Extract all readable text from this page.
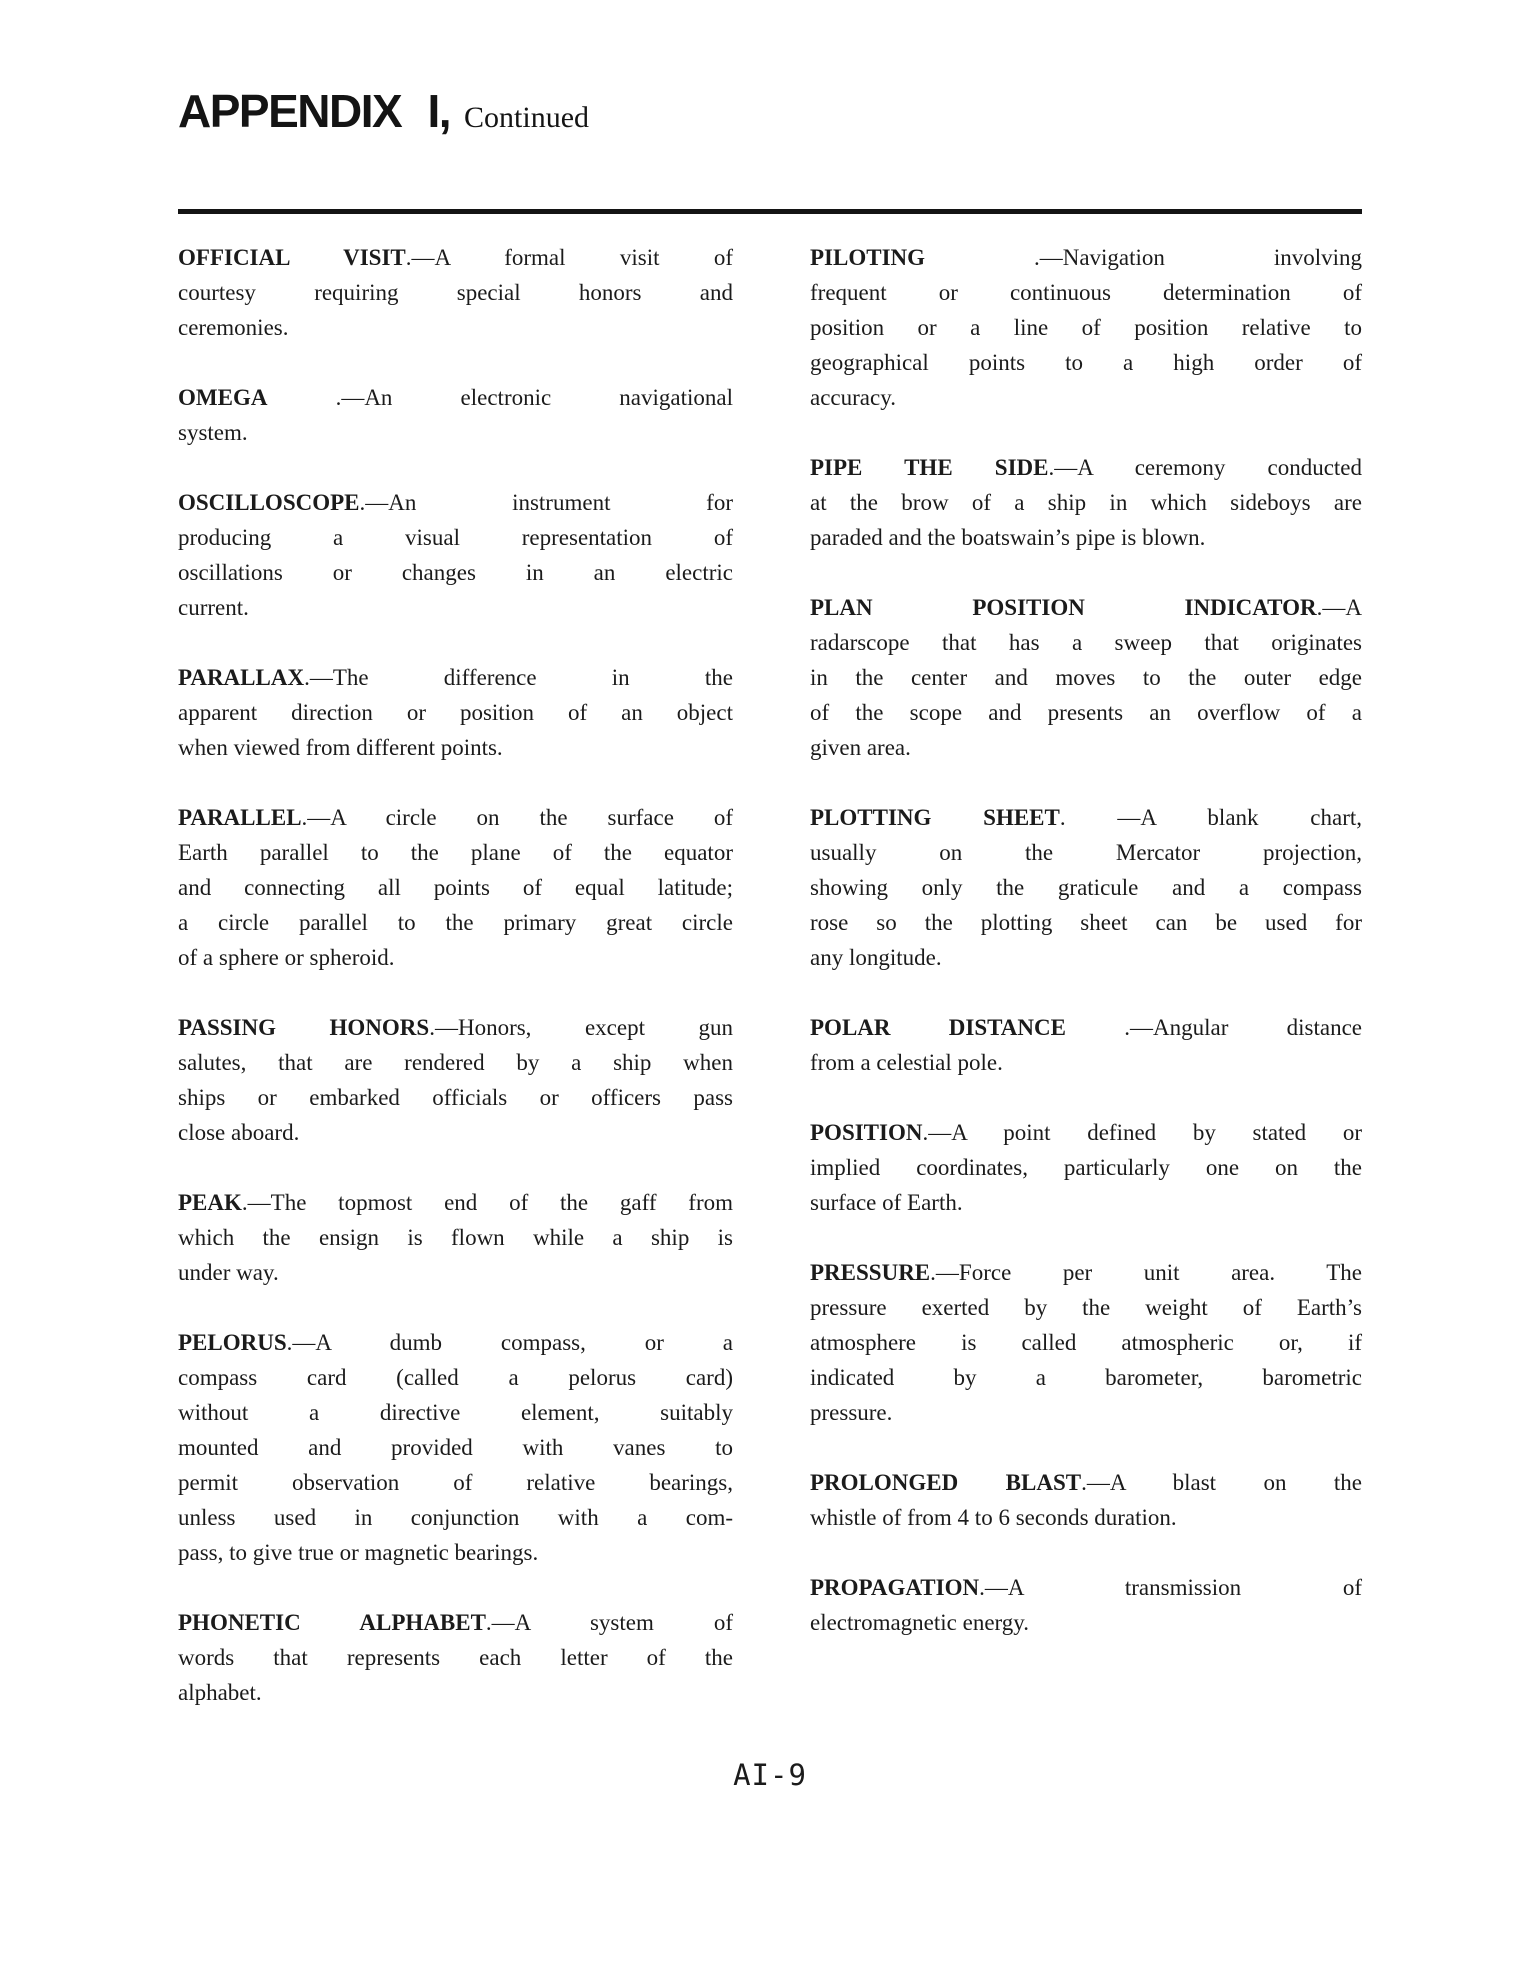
APPENDIX I, Continued
OFFICIAL VISIT.—A formal visit of
courtesy requiring special honors and
ceremonies.
OMEGA .—An electronic navigational
system.
OSCILLOSCOPE.—An instrument for
producing a visual representation of
oscillations or changes in an electric
current.
PARALLAX.—The difference in the
apparent direction or position of an object
when viewed from different points.
PARALLEL.—A circle on the surface of
Earth parallel to the plane of the equator
and connecting all points of equal latitude;
a circle parallel to the primary great circle
of a sphere or spheroid.
PASSING HONORS.—Honors, except gun
salutes, that are rendered by a ship when
ships or embarked officials or officers pass
close aboard.
PEAK.—The topmost end of the gaff from
which the ensign is flown while a ship is
under way.
PELORUS.—A dumb compass, or a
compass card (called a pelorus card)
without a directive element, suitably
mounted and provided with vanes to
permit observation of relative bearings,
unless used in conjunction with a com-
pass, to give true or magnetic bearings.
PHONETIC ALPHABET.—A system of
words that represents each letter of the
alphabet.
PILOTING .—Navigation involving
frequent or continuous determination of
position or a line of position relative to
geographical points to a high order of
accuracy.
PIPE THE SIDE.—A ceremony conducted
at the brow of a ship in which sideboys are
paraded and the boatswain’s pipe is blown.
PLAN POSITION INDICATOR.—A
radarscope that has a sweep that originates
in the center and moves to the outer edge
of the scope and presents an overflow of a
given area.
PLOTTING SHEET. —A blank chart,
usually on the Mercator projection,
showing only the graticule and a compass
rose so the plotting sheet can be used for
any longitude.
POLAR DISTANCE .—Angular distance
from a celestial pole.
POSITION.—A point defined by stated or
implied coordinates, particularly one on the
surface of Earth.
PRESSURE.—Force per unit area. The
pressure exerted by the weight of Earth’s
atmosphere is called atmospheric or, if
indicated by a barometer, barometric
pressure.
PROLONGED BLAST.—A blast on the
whistle of from 4 to 6 seconds duration.
PROPAGATION.—A transmission of
electromagnetic energy.
AI-9
